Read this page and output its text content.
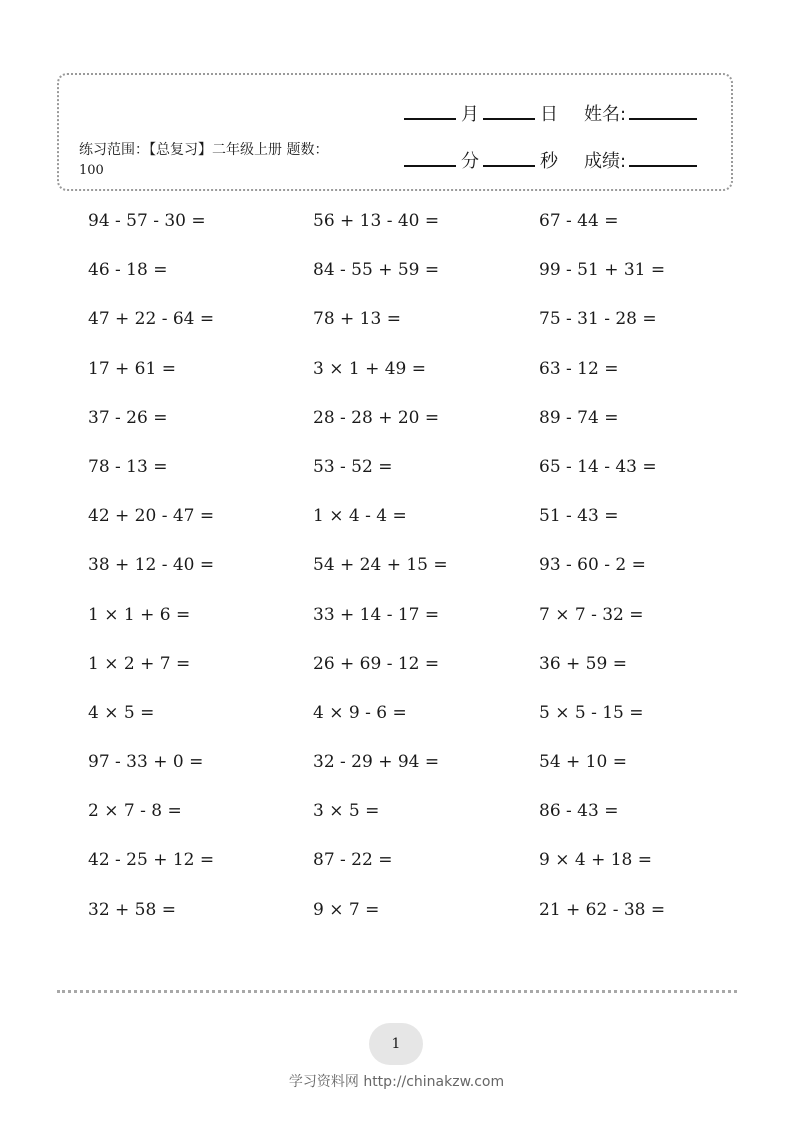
练习范围：【总复习】二年级上册 题数：100
月	日 姓名:
分	秒 成绩:
94 - 57 - 30 =	56 + 13 - 40 =	67 - 44 =
46 - 18 =	84 - 55 + 59 =	99 - 51 + 31 =
47 + 22 - 64 =	78 + 13 =	75 - 31 - 28 =
17 + 61 =	3 × 1 + 49 =	63 - 12 =
37 - 26 =	28 - 28 + 20 =	89 - 74 =
78 - 13 =	53 - 52 =	65 - 14 - 43 =
42 + 20 - 47 =	1 × 4 - 4 =	51 - 43 =
38 + 12 - 40 =	54 + 24 + 15 =	93 - 60 - 2 =
1 × 1 + 6 =	33 + 14 - 17 =	7 × 7 - 32 =
1 × 2 + 7 =	26 + 69 - 12 =	36 + 59 =
4 × 5 =	4 × 9 - 6 =	5 × 5 - 15 =
97 - 33 + 0 =	32 - 29 + 94 =	54 + 10 =
2 × 7 - 8 =	3 × 5 =	86 - 43 =
42 - 25 + 12 =	87 - 22 =	9 × 4 + 18 =
32 + 58 =	9 × 7 =	21 + 62 - 38 =
1
学习资料网 http://chinakzw.com
